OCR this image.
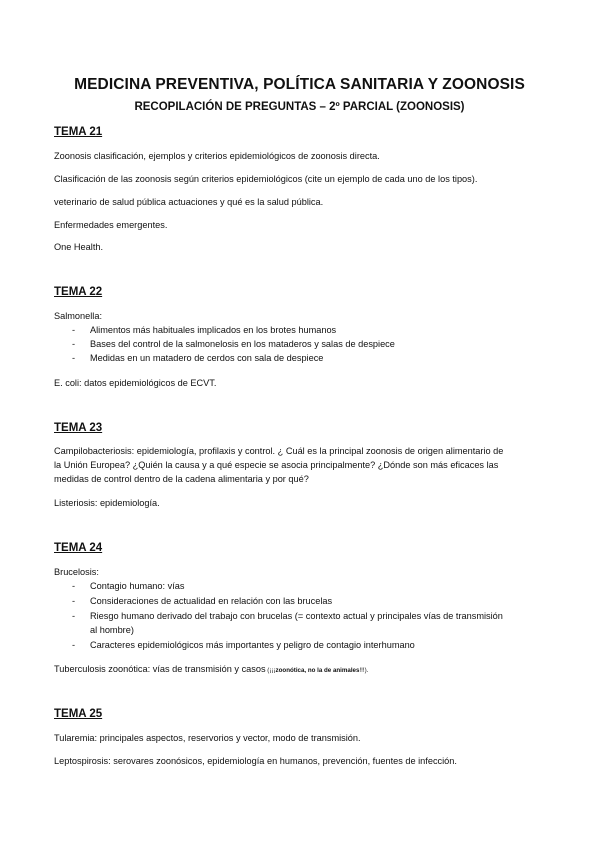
MEDICINA PREVENTIVA, POLÍTICA SANITARIA Y ZOONOSIS
RECOPILACIÓN DE PREGUNTAS – 2º PARCIAL (ZOONOSIS)
TEMA 21
Zoonosis clasificación, ejemplos y criterios epidemiológicos de zoonosis directa.
Clasificación de las zoonosis según criterios epidemiológicos (cite un ejemplo de cada uno de los tipos).
veterinario de salud pública actuaciones y qué es la salud pública.
Enfermedades emergentes.
One Health.
TEMA 22
Salmonella:
- Alimentos más habituales implicados en los brotes humanos
- Bases del control de la salmonelosis en los mataderos y salas de despiece
- Medidas en un matadero de cerdos con sala de despiece
E. coli: datos epidemiológicos de ECVT.
TEMA 23
Campilobacteriosis: epidemiología, profilaxis y control. ¿ Cuál es la principal zoonosis de origen alimentario de
la Unión Europea? ¿Quién la causa y a qué especie se asocia principalmente? ¿Dónde son más eficaces las
medidas de control dentro de la cadena alimentaria y por qué?
Listeriosis: epidemiología.
TEMA 24
Brucelosis:
- Contagio humano: vías
- Consideraciones de actualidad en relación con las brucelas
- Riesgo humano derivado del trabajo con brucelas (= contexto actual y principales vías de transmisión
al hombre)
- Caracteres epidemiológicos más importantes y peligro de contagio interhumano
Tuberculosis zoonótica: vías de transmisión y casos (¡¡¡zoonótica, no la de animales!!!).
TEMA 25
Tularemia: principales aspectos, reservorios y vector, modo de transmisión.
Leptospirosis: serovares zoonósicos, epidemiología en humanos, prevención, fuentes de infección.
